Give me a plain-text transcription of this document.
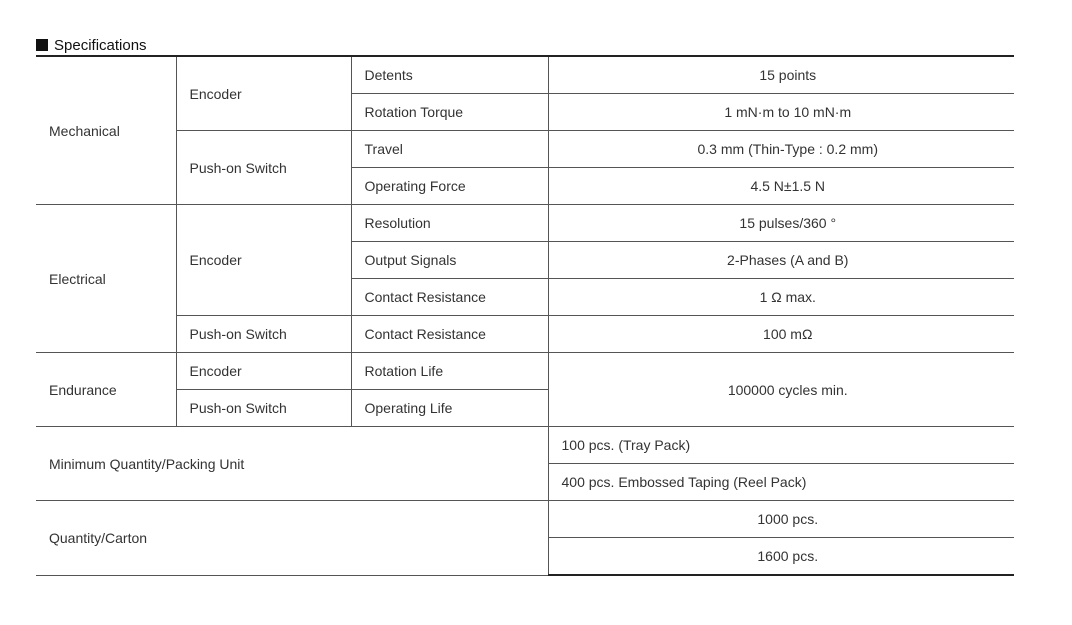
Specifications
Mechanical	Encoder	Detents	15 points
		Rotation Torque	1 mN·m to 10 mN·m
	Push-on Switch	Travel	0.3 mm (Thin-Type : 0.2 mm)
		Operating Force	4.5 N±1.5 N
Electrical	Encoder	Resolution	15 pulses/360 °
		Output Signals	2-Phases (A and B)
		Contact Resistance	1 Ω max.
	Push-on Switch	Contact Resistance	100 mΩ
Endurance	Encoder	Rotation Life	100000 cycles min.
	Push-on Switch	Operating Life	
Minimum Quantity/Packing Unit			100 pcs. (Tray Pack)
			400 pcs. Embossed Taping (Reel Pack)
Quantity/Carton			1000 pcs.
			1600 pcs.
